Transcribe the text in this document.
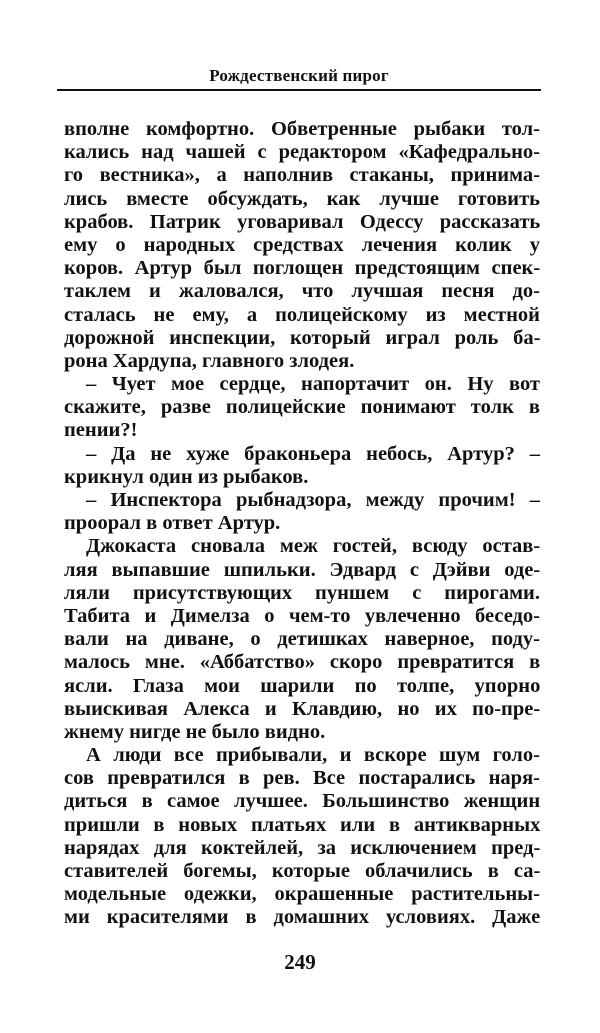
Рождественский пирог
вполне комфортно. Обветренные рыбаки тол-
кались над чашей с редактором «Кафедрально-
го вестника», а наполнив стаканы, принима-
лись вместе обсуждать, как лучше готовить
крабов. Патрик уговаривал Одессу рассказать
ему о народных средствах лечения колик у
коров. Артур был поглощен предстоящим спек-
таклем и жаловался, что лучшая песня до-
сталась не ему, а полицейскому из местной
дорожной инспекции, который играл роль ба-
рона Хардупа, главного злодея.
– Чует мое сердце, напортачит он. Ну вот
скажите, разве полицейские понимают толк в
пении?!
– Да не хуже браконьера небось, Артур? –
крикнул один из рыбаков.
– Инспектора рыбнадзора, между прочим! –
проорал в ответ Артур.
Джокаста сновала меж гостей, всюду остав-
ляя выпавшие шпильки. Эдвард с Дэйви оде-
ляли присутствующих пуншем с пирогами.
Табита и Димелза о чем-то увлеченно беседо-
вали на диване, о детишках наверное, поду-
малось мне. «Аббатство» скоро превратится в
ясли. Глаза мои шарили по толпе, упорно
выискивая Алекса и Клавдию, но их по-пре-
жнему нигде не было видно.
А люди все прибывали, и вскоре шум голо-
сов превратился в рев. Все постарались наря-
диться в самое лучшее. Большинство женщин
пришли в новых платьях или в антикварных
нарядах для коктейлей, за исключением пред-
ставителей богемы, которые облачились в са-
модельные одежки, окрашенные растительны-
ми красителями в домашних условиях. Даже
249
